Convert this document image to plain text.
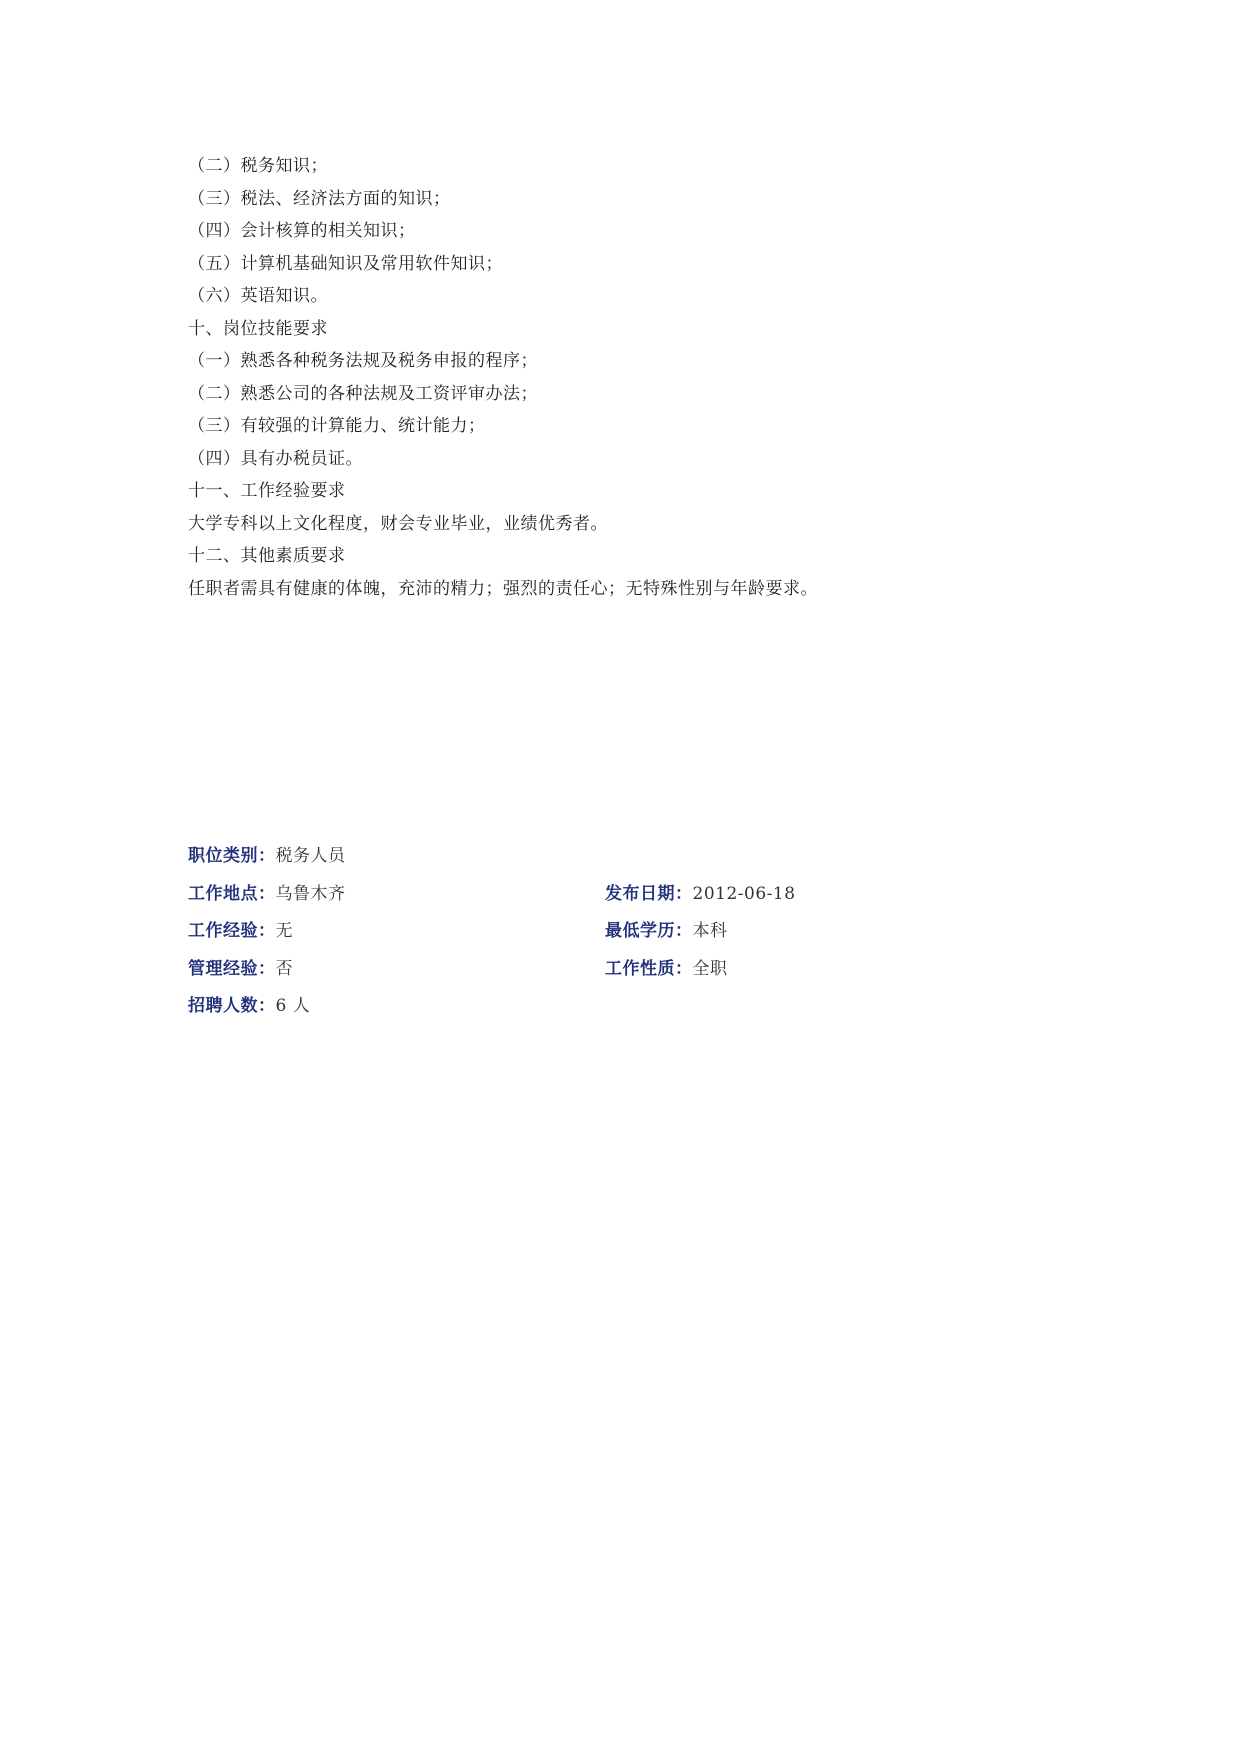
（二）税务知识；
（三）税法、经济法方面的知识；
（四）会计核算的相关知识；
（五）计算机基础知识及常用软件知识；
（六）英语知识。
十、岗位技能要求
（一）熟悉各种税务法规及税务申报的程序；
（二）熟悉公司的各种法规及工资评审办法；
（三）有较强的计算能力、统计能力；
（四）具有办税员证。
十一、工作经验要求
大学专科以上文化程度，财会专业毕业，业绩优秀者。
十二、其他素质要求
任职者需具有健康的体魄，充沛的精力；强烈的责任心；无特殊性别与年龄要求。
职位类别：税务人员
工作地点：乌鲁木齐	发布日期：2012-06-18
工作经验：无	最低学历：本科
管理经验：否	工作性质：全职
招聘人数：6 人
